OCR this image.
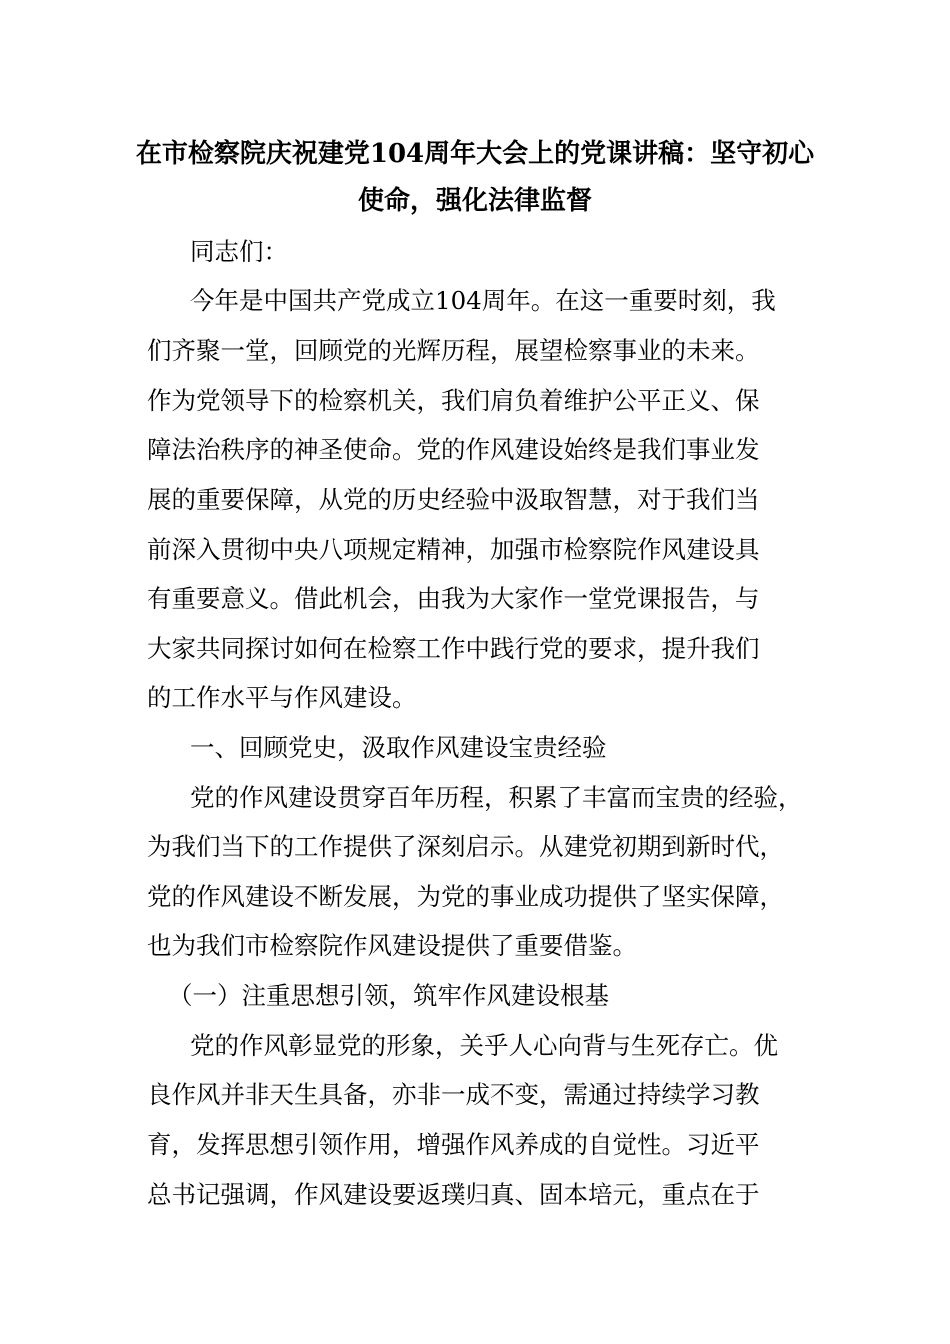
在市检察院庆祝建党104周年大会上的党课讲稿：坚守初心
使命，强化法律监督
同志们：
今年是中国共产党成立104周年。在这一重要时刻，我
们齐聚一堂，回顾党的光辉历程，展望检察事业的未来。
作为党领导下的检察机关，我们肩负着维护公平正义、保
障法治秩序的神圣使命。党的作风建设始终是我们事业发
展的重要保障，从党的历史经验中汲取智慧，对于我们当
前深入贯彻中央八项规定精神，加强市检察院作风建设具
有重要意义。借此机会，由我为大家作一堂党课报告，与
大家共同探讨如何在检察工作中践行党的要求，提升我们
的工作水平与作风建设。
一、回顾党史，汲取作风建设宝贵经验
党的作风建设贯穿百年历程，积累了丰富而宝贵的经验，
为我们当下的工作提供了深刻启示。从建党初期到新时代，
党的作风建设不断发展，为党的事业成功提供了坚实保障，
也为我们市检察院作风建设提供了重要借鉴。
（一）注重思想引领，筑牢作风建设根基
党的作风彰显党的形象，关乎人心向背与生死存亡。优
良作风并非天生具备，亦非一成不变，需通过持续学习教
育，发挥思想引领作用，增强作风养成的自觉性。习近平
总书记强调，作风建设要返璞归真、固本培元，重点在于
